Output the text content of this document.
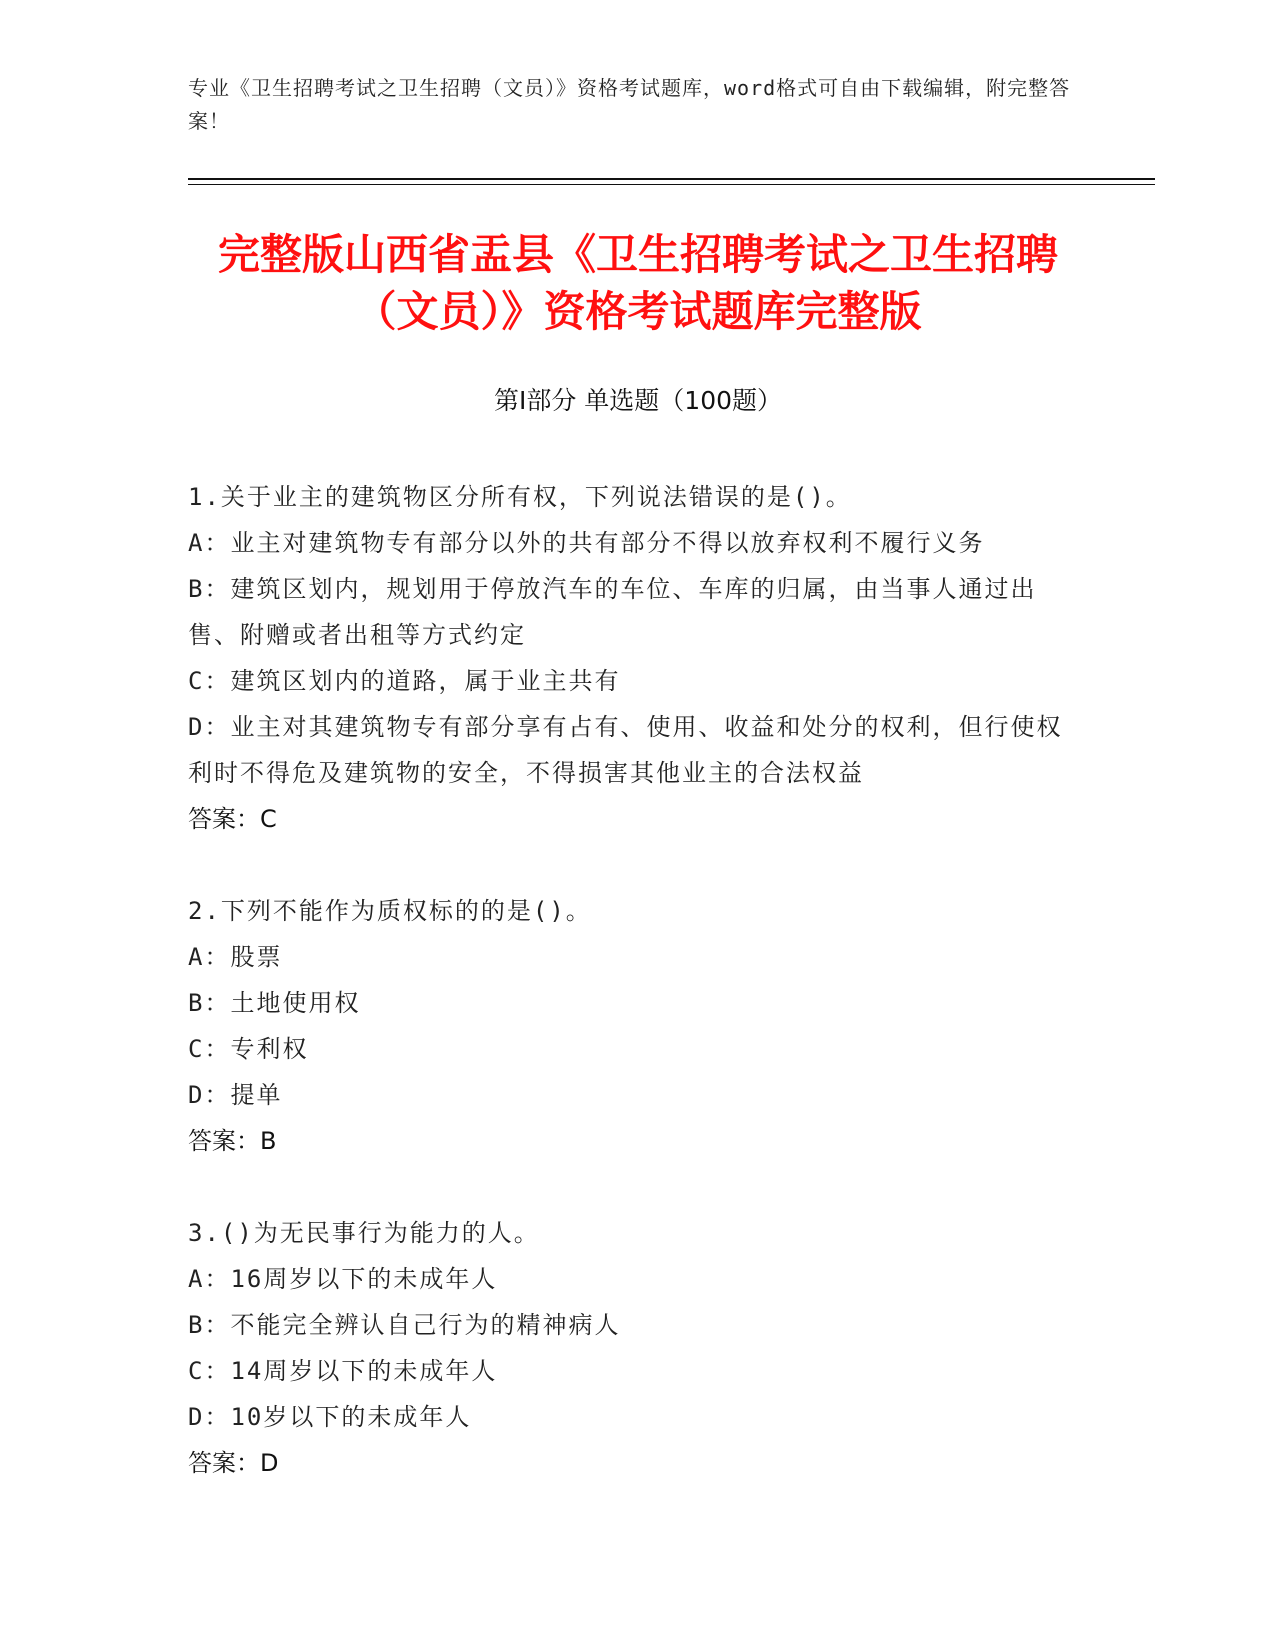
专业《卫生招聘考试之卫生招聘（文员）》资格考试题库，word格式可自由下载编辑，附完整答案！
完整版山西省盂县《卫生招聘考试之卫生招聘（文员）》资格考试题库完整版
第Ⅰ部分 单选题（100题）

1.关于业主的建筑物区分所有权，下列说法错误的是()。

A：业主对建筑物专有部分以外的共有部分不得以放弃权利不履行义务

B：建筑区划内，规划用于停放汽车的车位、车库的归属，由当事人通过出售、附赠或者出租等方式约定

C：建筑区划内的道路，属于业主共有

D：业主对其建筑物专有部分享有占有、使用、收益和处分的权利，但行使权利时不得危及建筑物的安全，不得损害其他业主的合法权益

答案：C

2.下列不能作为质权标的的是()。

A：股票

B：土地使用权

C：专利权

D：提单

答案：B

3.()为无民事行为能力的人。

A：16周岁以下的未成年人

B：不能完全辨认自己行为的精神病人

C：14周岁以下的未成年人

D：10岁以下的未成年人

答案：D
